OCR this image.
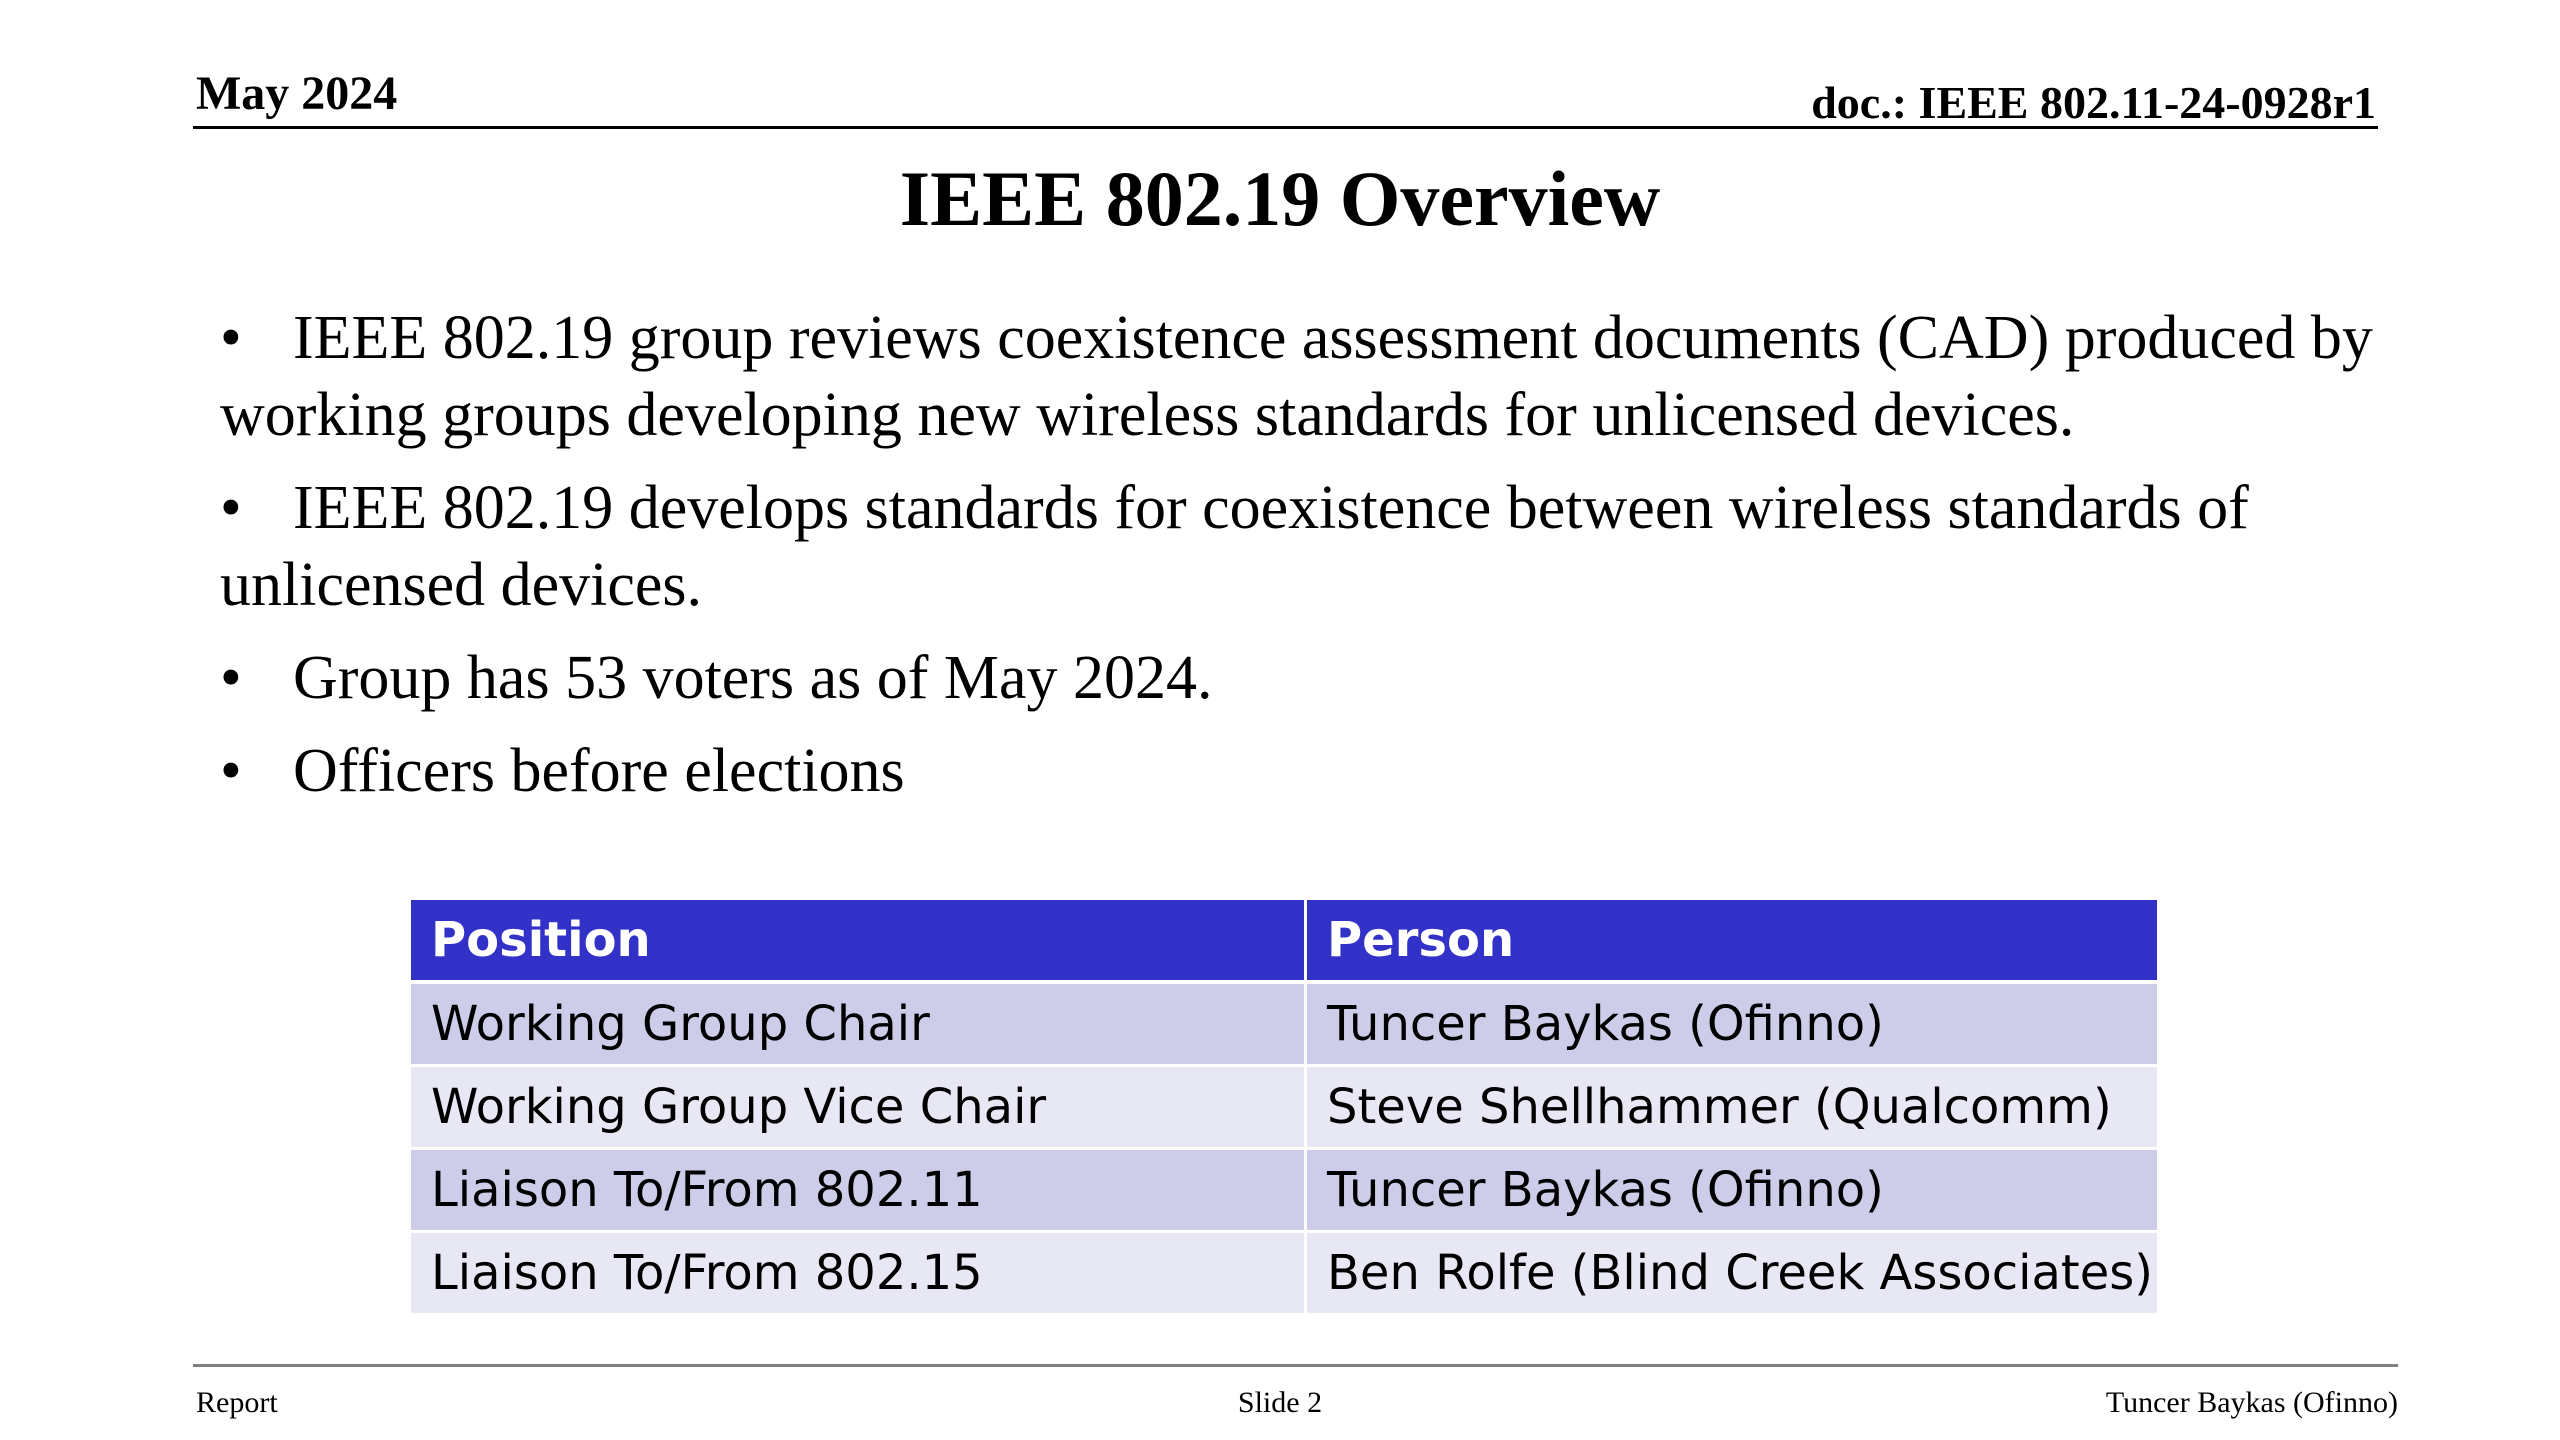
May 2024	doc.: IEEE 802.11-24-0928r1
IEEE 802.19 Overview
• IEEE 802.19 group reviews coexistence assessment documents (CAD) produced by working groups developing new wireless standards for unlicensed devices.
• IEEE 802.19 develops standards for coexistence between wireless standards of unlicensed devices.
• Group has 53 voters as of May 2024.
• Officers before elections
Position	Person
Working Group Chair	Tuncer Baykas (Ofinno)
Working Group Vice Chair	Steve Shellhammer (Qualcomm)
Liaison To/From 802.11	Tuncer Baykas (Ofinno)
Liaison To/From 802.15	Ben Rolfe (Blind Creek Associates)
Report	Slide 2	Tuncer Baykas (Ofinno)
